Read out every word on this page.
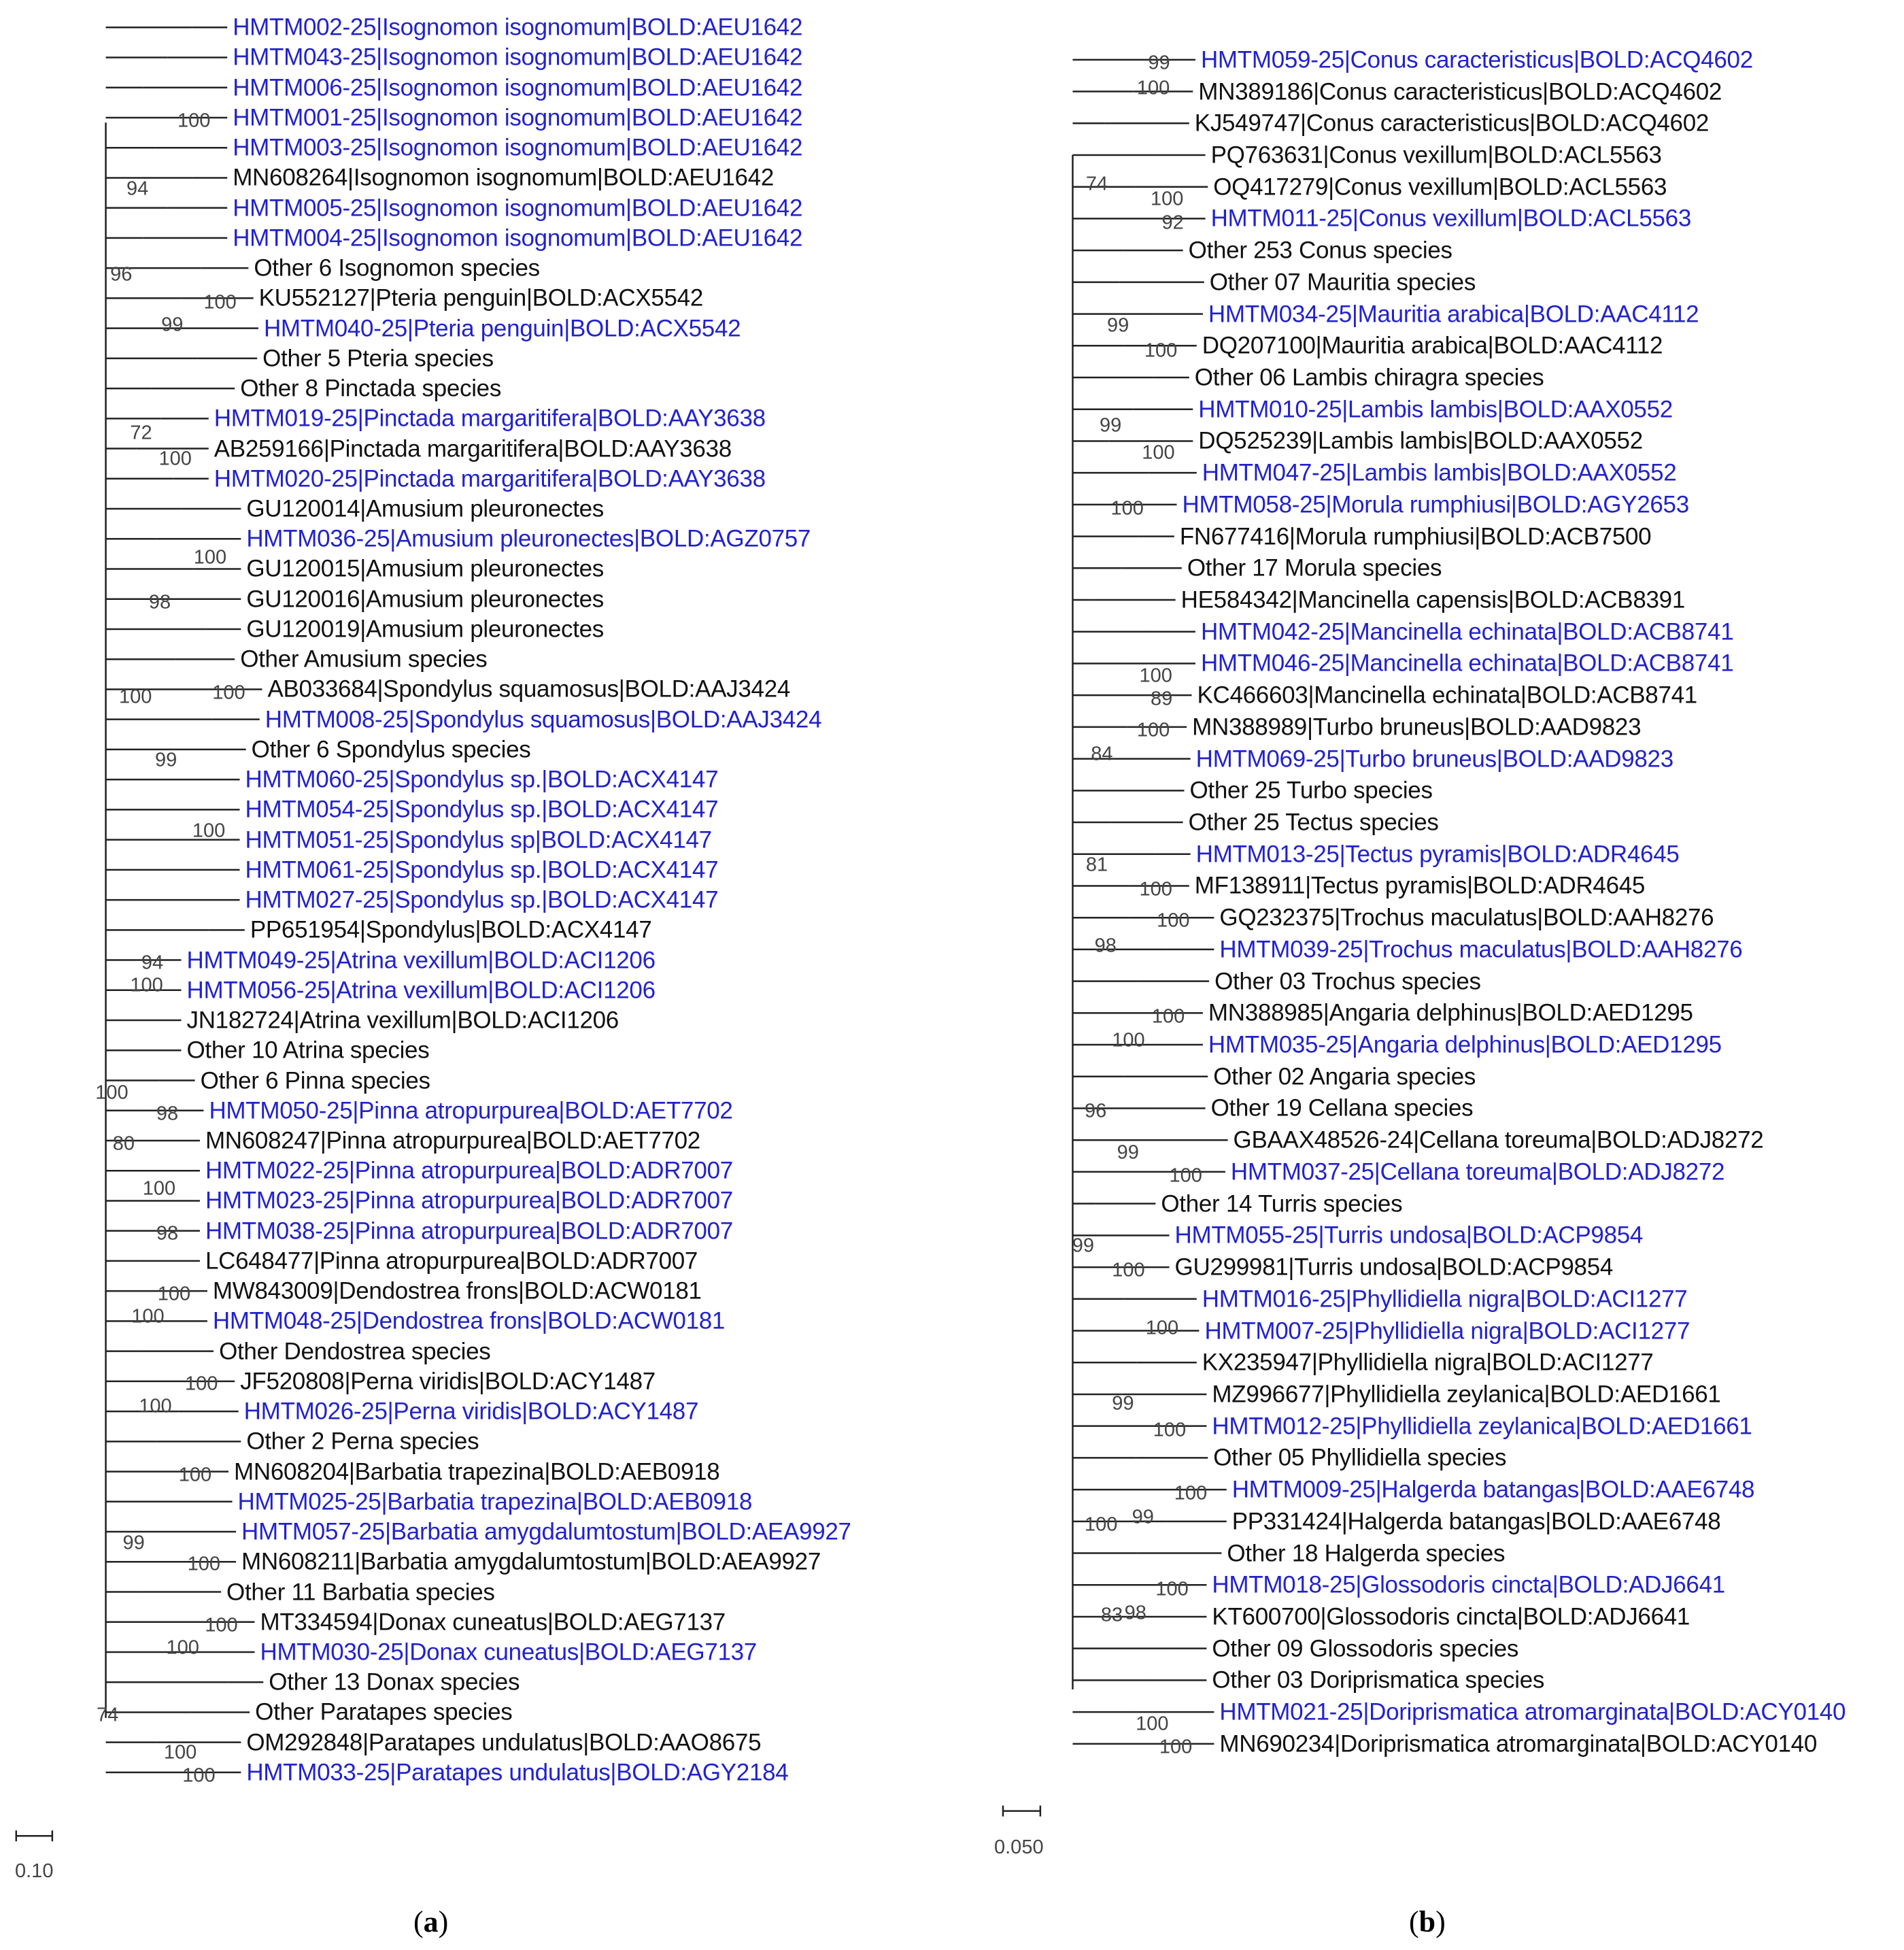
HMTM002-25|Isognomon isognomum|BOLD:AEU1642
HMTM043-25|Isognomon isognomum|BOLD:AEU1642
HMTM006-25|Isognomon isognomum|BOLD:AEU1642
HMTM001-25|Isognomon isognomum|BOLD:AEU1642
HMTM003-25|Isognomon isognomum|BOLD:AEU1642
MN608264|Isognomon isognomum|BOLD:AEU1642
HMTM005-25|Isognomon isognomum|BOLD:AEU1642
HMTM004-25|Isognomon isognomum|BOLD:AEU1642
Other 6 Isognomon species
KU552127|Pteria penguin|BOLD:ACX5542
HMTM040-25|Pteria penguin|BOLD:ACX5542
Other 5 Pteria species
Other 8 Pinctada species
HMTM019-25|Pinctada margaritifera|BOLD:AAY3638
AB259166|Pinctada margaritifera|BOLD:AAY3638
HMTM020-25|Pinctada margaritifera|BOLD:AAY3638
GU120014|Amusium pleuronectes
HMTM036-25|Amusium pleuronectes|BOLD:AGZ0757
GU120015|Amusium pleuronectes
GU120016|Amusium pleuronectes
GU120019|Amusium pleuronectes
Other Amusium species
AB033684|Spondylus squamosus|BOLD:AAJ3424
HMTM008-25|Spondylus squamosus|BOLD:AAJ3424
Other 6 Spondylus species
HMTM060-25|Spondylus sp.|BOLD:ACX4147
HMTM054-25|Spondylus sp.|BOLD:ACX4147
HMTM051-25|Spondylus sp|BOLD:ACX4147
HMTM061-25|Spondylus sp.|BOLD:ACX4147
HMTM027-25|Spondylus sp.|BOLD:ACX4147
PP651954|Spondylus|BOLD:ACX4147
HMTM049-25|Atrina vexillum|BOLD:ACI1206
HMTM056-25|Atrina vexillum|BOLD:ACI1206
JN182724|Atrina vexillum|BOLD:ACI1206
Other 10 Atrina species
Other 6 Pinna species
HMTM050-25|Pinna atropurpurea|BOLD:AET7702
MN608247|Pinna atropurpurea|BOLD:AET7702
HMTM022-25|Pinna atropurpurea|BOLD:ADR7007
HMTM023-25|Pinna atropurpurea|BOLD:ADR7007
HMTM038-25|Pinna atropurpurea|BOLD:ADR7007
LC648477|Pinna atropurpurea|BOLD:ADR7007
MW843009|Dendostrea frons|BOLD:ACW0181
HMTM048-25|Dendostrea frons|BOLD:ACW0181
Other Dendostrea species
JF520808|Perna viridis|BOLD:ACY1487
HMTM026-25|Perna viridis|BOLD:ACY1487
Other 2 Perna species
MN608204|Barbatia trapezina|BOLD:AEB0918
HMTM025-25|Barbatia trapezina|BOLD:AEB0918
HMTM057-25|Barbatia amygdalumtostum|BOLD:AEA9927
MN608211|Barbatia amygdalumtostum|BOLD:AEA9927
Other 11 Barbatia species
MT334594|Donax cuneatus|BOLD:AEG7137
HMTM030-25|Donax cuneatus|BOLD:AEG7137
Other 13 Donax species
Other Paratapes species
OM292848|Paratapes undulatus|BOLD:AAO8675
HMTM033-25|Paratapes undulatus|BOLD:AGY2184
100
94
96
100
99
72
100
100
98
100	100
99
100
94
100
100
98
80
100
98
100
100
100
100
100
99
100
100
100
74
100
100
HMTM059-25|Conus caracteristicus|BOLD:ACQ4602
MN389186|Conus caracteristicus|BOLD:ACQ4602
KJ549747|Conus caracteristicus|BOLD:ACQ4602
PQ763631|Conus vexillum|BOLD:ACL5563
OQ417279|Conus vexillum|BOLD:ACL5563
HMTM011-25|Conus vexillum|BOLD:ACL5563
Other 253 Conus species
Other 07 Mauritia species
HMTM034-25|Mauritia arabica|BOLD:AAC4112
DQ207100|Mauritia arabica|BOLD:AAC4112
Other 06 Lambis chiragra species
HMTM010-25|Lambis lambis|BOLD:AAX0552
DQ525239|Lambis lambis|BOLD:AAX0552
HMTM047-25|Lambis lambis|BOLD:AAX0552
HMTM058-25|Morula rumphiusi|BOLD:AGY2653
FN677416|Morula rumphiusi|BOLD:ACB7500
Other 17 Morula species
HE584342|Mancinella capensis|BOLD:ACB8391
HMTM042-25|Mancinella echinata|BOLD:ACB8741
HMTM046-25|Mancinella echinata|BOLD:ACB8741
KC466603|Mancinella echinata|BOLD:ACB8741
MN388989|Turbo bruneus|BOLD:AAD9823
HMTM069-25|Turbo bruneus|BOLD:AAD9823
Other 25 Turbo species
Other 25 Tectus species
HMTM013-25|Tectus pyramis|BOLD:ADR4645
MF138911|Tectus pyramis|BOLD:ADR4645
GQ232375|Trochus maculatus|BOLD:AAH8276
HMTM039-25|Trochus maculatus|BOLD:AAH8276
Other 03 Trochus species
MN388985|Angaria delphinus|BOLD:AED1295
HMTM035-25|Angaria delphinus|BOLD:AED1295
Other 02 Angaria species
Other 19 Cellana species
GBAAX48526-24|Cellana toreuma|BOLD:ADJ8272
HMTM037-25|Cellana toreuma|BOLD:ADJ8272
Other 14 Turris species
HMTM055-25|Turris undosa|BOLD:ACP9854
GU299981|Turris undosa|BOLD:ACP9854
HMTM016-25|Phyllidiella nigra|BOLD:ACI1277
HMTM007-25|Phyllidiella nigra|BOLD:ACI1277
KX235947|Phyllidiella nigra|BOLD:ACI1277
MZ996677|Phyllidiella zeylanica|BOLD:AED1661
HMTM012-25|Phyllidiella zeylanica|BOLD:AED1661
Other 05 Phyllidiella species
HMTM009-25|Halgerda batangas|BOLD:AAE6748
PP331424|Halgerda batangas|BOLD:AAE6748
Other 18 Halgerda species
HMTM018-25|Glossodoris cincta|BOLD:ADJ6641
KT600700|Glossodoris cincta|BOLD:ADJ6641
Other 09 Glossodoris species
Other 03 Doriprismatica species
HMTM021-25|Doriprismatica atromarginata|BOLD:ACY0140
MN690234|Doriprismatica atromarginata|BOLD:ACY0140
99
100
74
100
92
99
100
99
100
100
100
89
100
84
81
100
100
98
100
100
96
99
100
99
100
100
99
100
100
99
100
100
83 98
100
100
(a)	(b)
0.10
0.050
